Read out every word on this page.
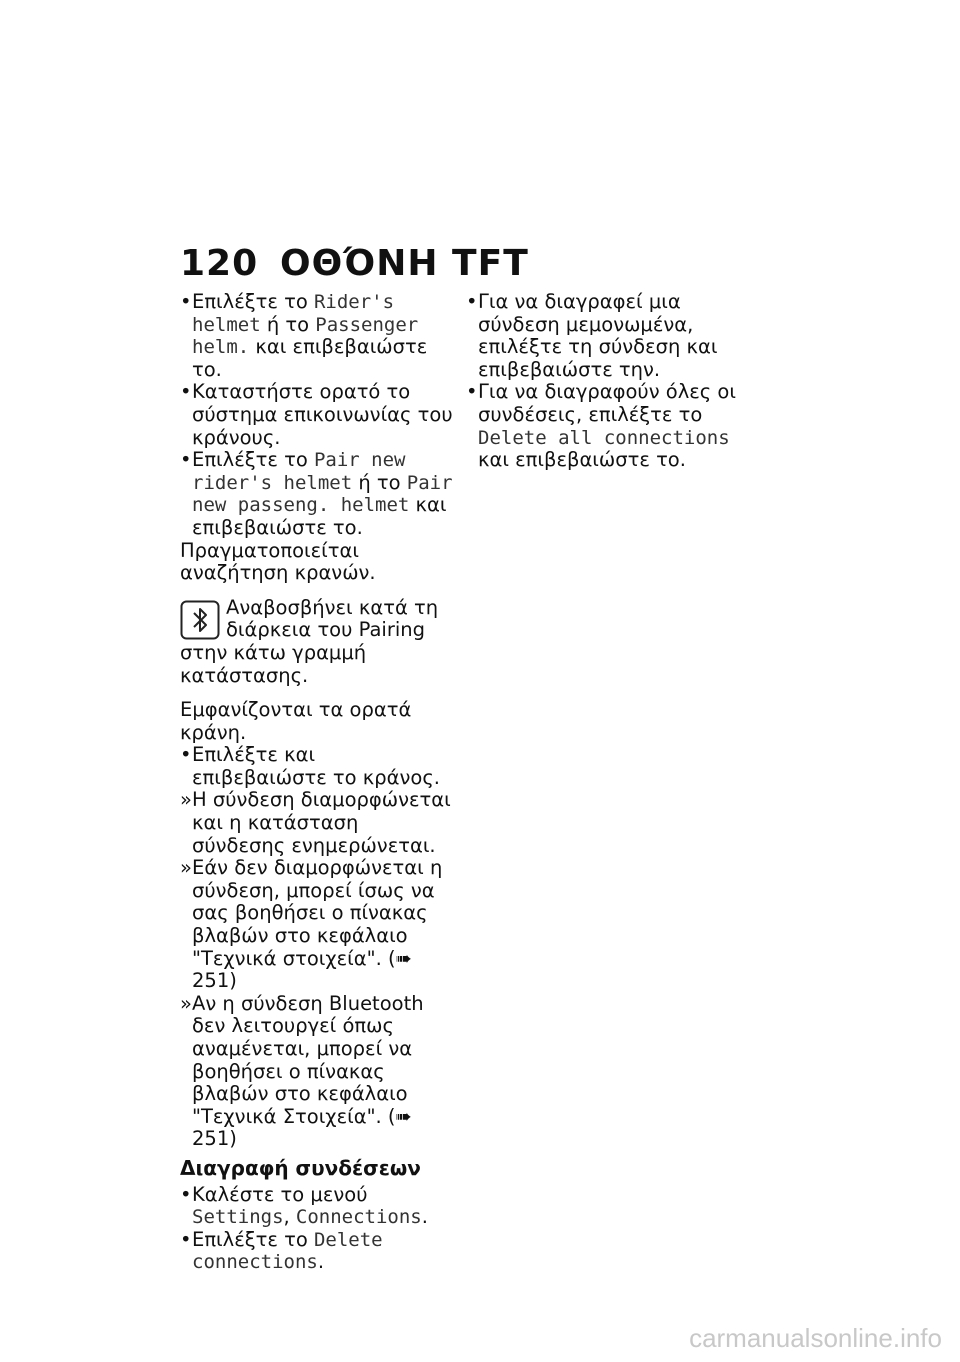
120 ΟΘΌΝΗ TFT
• Επιλέξτε το Rider's helmet ή το Passenger helm. και επιβεβαιώστε το.
• Καταστήστε ορατό το σύστημα επικοινωνίας του κράνους.
• Επιλέξτε το Pair new rider's helmet ή το Pair new passeng. helmet και επιβεβαιώστε το.
Πραγματοποιείται αναζήτηση κρανών.
Αναβοσβήνει κατά τη διάρκεια του Pairing στην κάτω γραμμή κατάστασης.
Εμφανίζονται τα ορατά κράνη.
• Επιλέξτε και επιβεβαιώστε το κράνος.
» Η σύνδεση διαμορφώνεται και η κατάσταση σύνδεσης ενημερώνεται.
» Εάν δεν διαμορφώνεται η σύνδεση, μπορεί ίσως να σας βοηθήσει ο πίνακας βλαβών στο κεφάλαιο "Τεχνικά στοιχεία". (➠ 251)
» Αν η σύνδεση Bluetooth δεν λειτουργεί όπως αναμένεται, μπορεί να βοηθήσει ο πίνακας βλαβών στο κεφάλαιο "Τεχνικά Στοιχεία". (➠ 251)
Διαγραφή συνδέσεων
• Καλέστε το μενού Settings, Connections.
• Επιλέξτε το Delete connections.
• Για να διαγραφεί μια σύνδεση μεμονωμένα, επιλέξτε τη σύνδεση και επιβεβαιώστε την.
• Για να διαγραφούν όλες οι συνδέσεις, επιλέξτε το Delete all connections και επιβεβαιώστε το.
carmanualsonline.info
